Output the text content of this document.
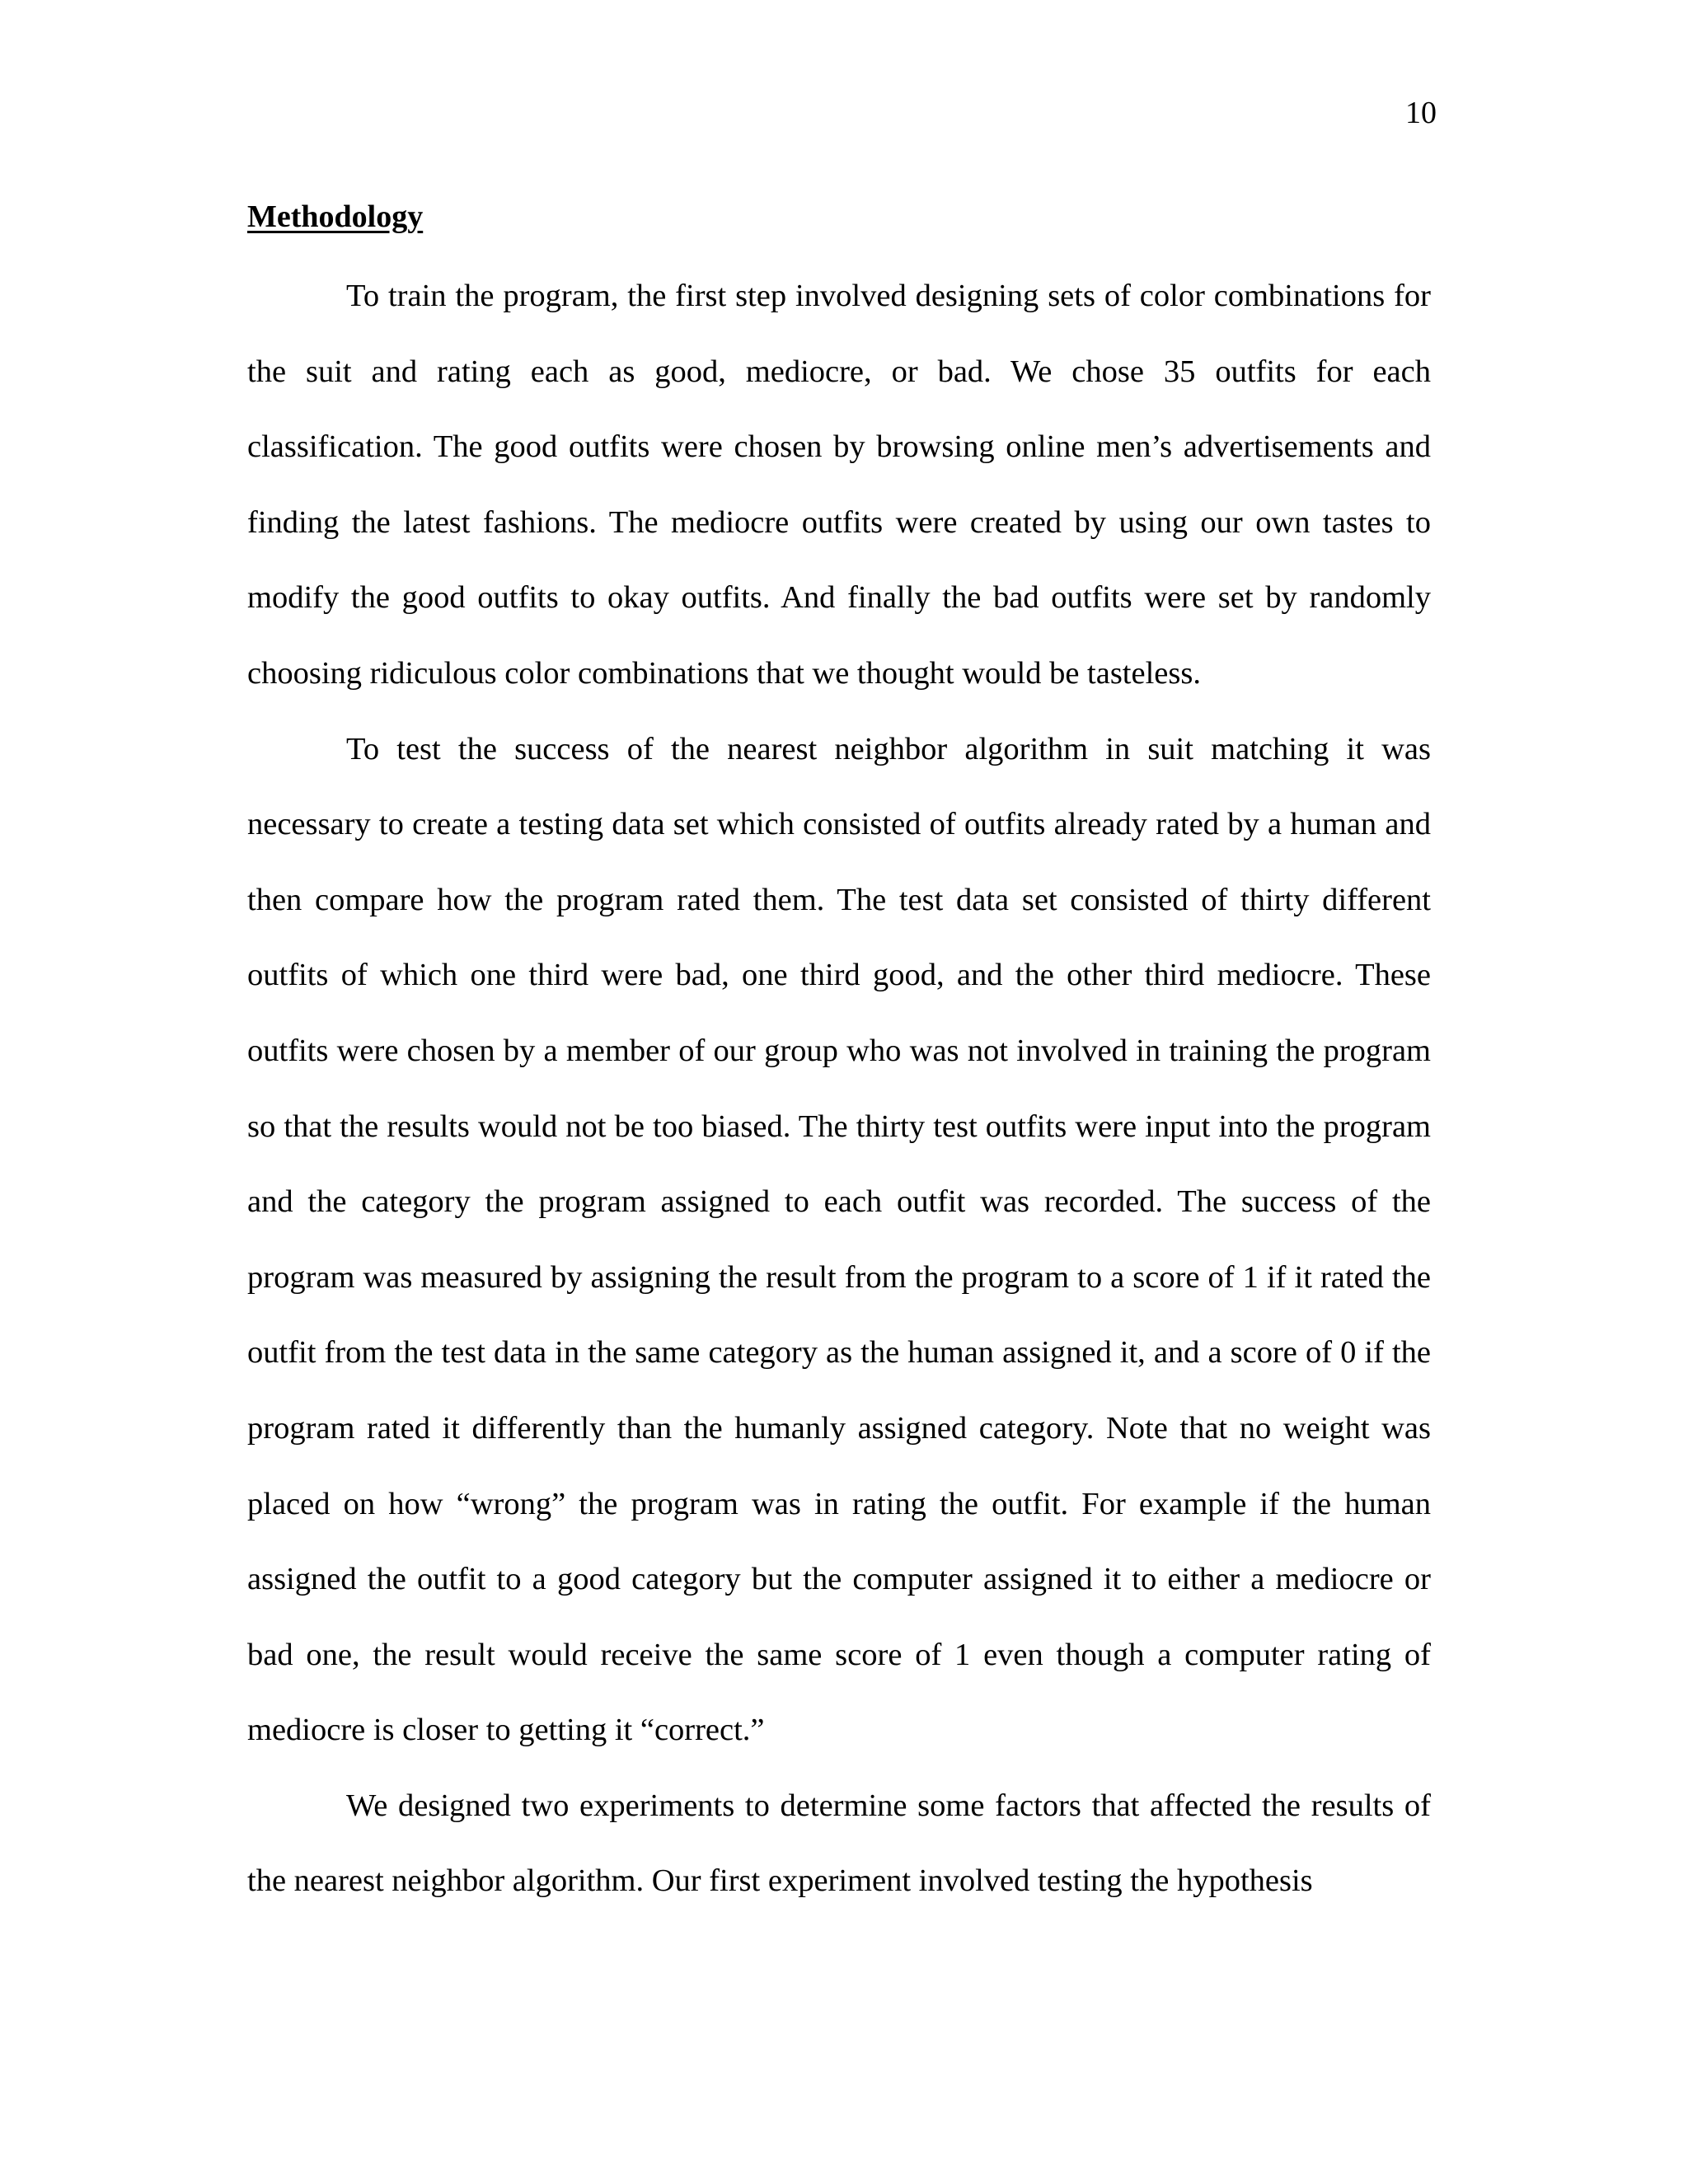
10
Methodology

To train the program, the first step involved designing sets of color combinations for the suit and rating each as good, mediocre, or bad. We chose 35 outfits for each classification. The good outfits were chosen by browsing online men’s advertisements and finding the latest fashions. The mediocre outfits were created by using our own tastes to modify the good outfits to okay outfits. And finally the bad outfits were set by randomly choosing ridiculous color combinations that we thought would be tasteless.

To test the success of the nearest neighbor algorithm in suit matching it was necessary to create a testing data set which consisted of outfits already rated by a human and then compare how the program rated them. The test data set consisted of thirty different outfits of which one third were bad, one third good, and the other third mediocre. These outfits were chosen by a member of our group who was not involved in training the program so that the results would not be too biased. The thirty test outfits were input into the program and the category the program assigned to each outfit was recorded. The success of the program was measured by assigning the result from the program to a score of 1 if it rated the outfit from the test data in the same category as the human assigned it, and a score of 0 if the program rated it differently than the humanly assigned category. Note that no weight was placed on how “wrong” the program was in rating the outfit. For example if the human assigned the outfit to a good category but the computer assigned it to either a mediocre or bad one, the result would receive the same score of 1 even though a computer rating of mediocre is closer to getting it “correct.”

We designed two experiments to determine some factors that affected the results of the nearest neighbor algorithm. Our first experiment involved testing the hypothesis
